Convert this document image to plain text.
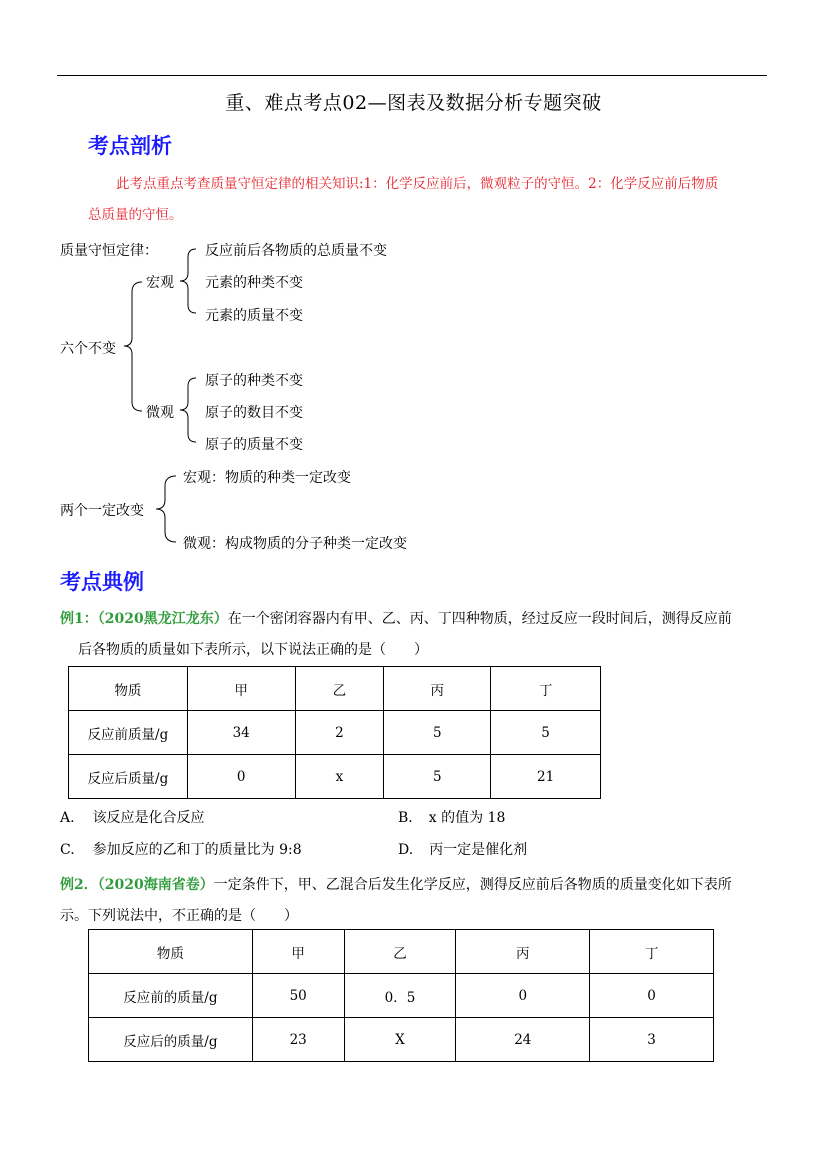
重、难点考点02—图表及数据分析专题突破
考点剖析
此考点重点考查质量守恒定律的相关知识:1：化学反应前后，微观粒子的守恒。2：化学反应前后物质
总质量的守恒。
质量守恒定律：
六个不变
宏观
微观
反应前后各物质的总质量不变
元素的种类不变
元素的质量不变
原子的种类不变
原子的数目不变
原子的质量不变
两个一定改变
宏观：物质的种类一定改变
微观：构成物质的分子种类一定改变
考点典例
例1：（2020黑龙江龙东）在一个密闭容器内有甲、乙、丙、丁四种物质，经过反应一段时间后，测得反应前
后各物质的质量如下表所示，以下说法正确的是（　　）
物质	甲	乙	丙	丁
反应前质量/g	34	2	5	5
反应后质量/g	0	x	5	21
A. 该反应是化合反应	B. x 的值为 18
C. 参加反应的乙和丁的质量比为 9:8	D. 丙一定是催化剂
例2．（2020海南省卷）一定条件下，甲、乙混合后发生化学反应，测得反应前后各物质的质量变化如下表所
示。下列说法中，不正确的是（　　）
物质	甲	乙	丙	丁
反应前的质量/g	50	0．5	0	0
反应后的质量/g	23	X	24	3
